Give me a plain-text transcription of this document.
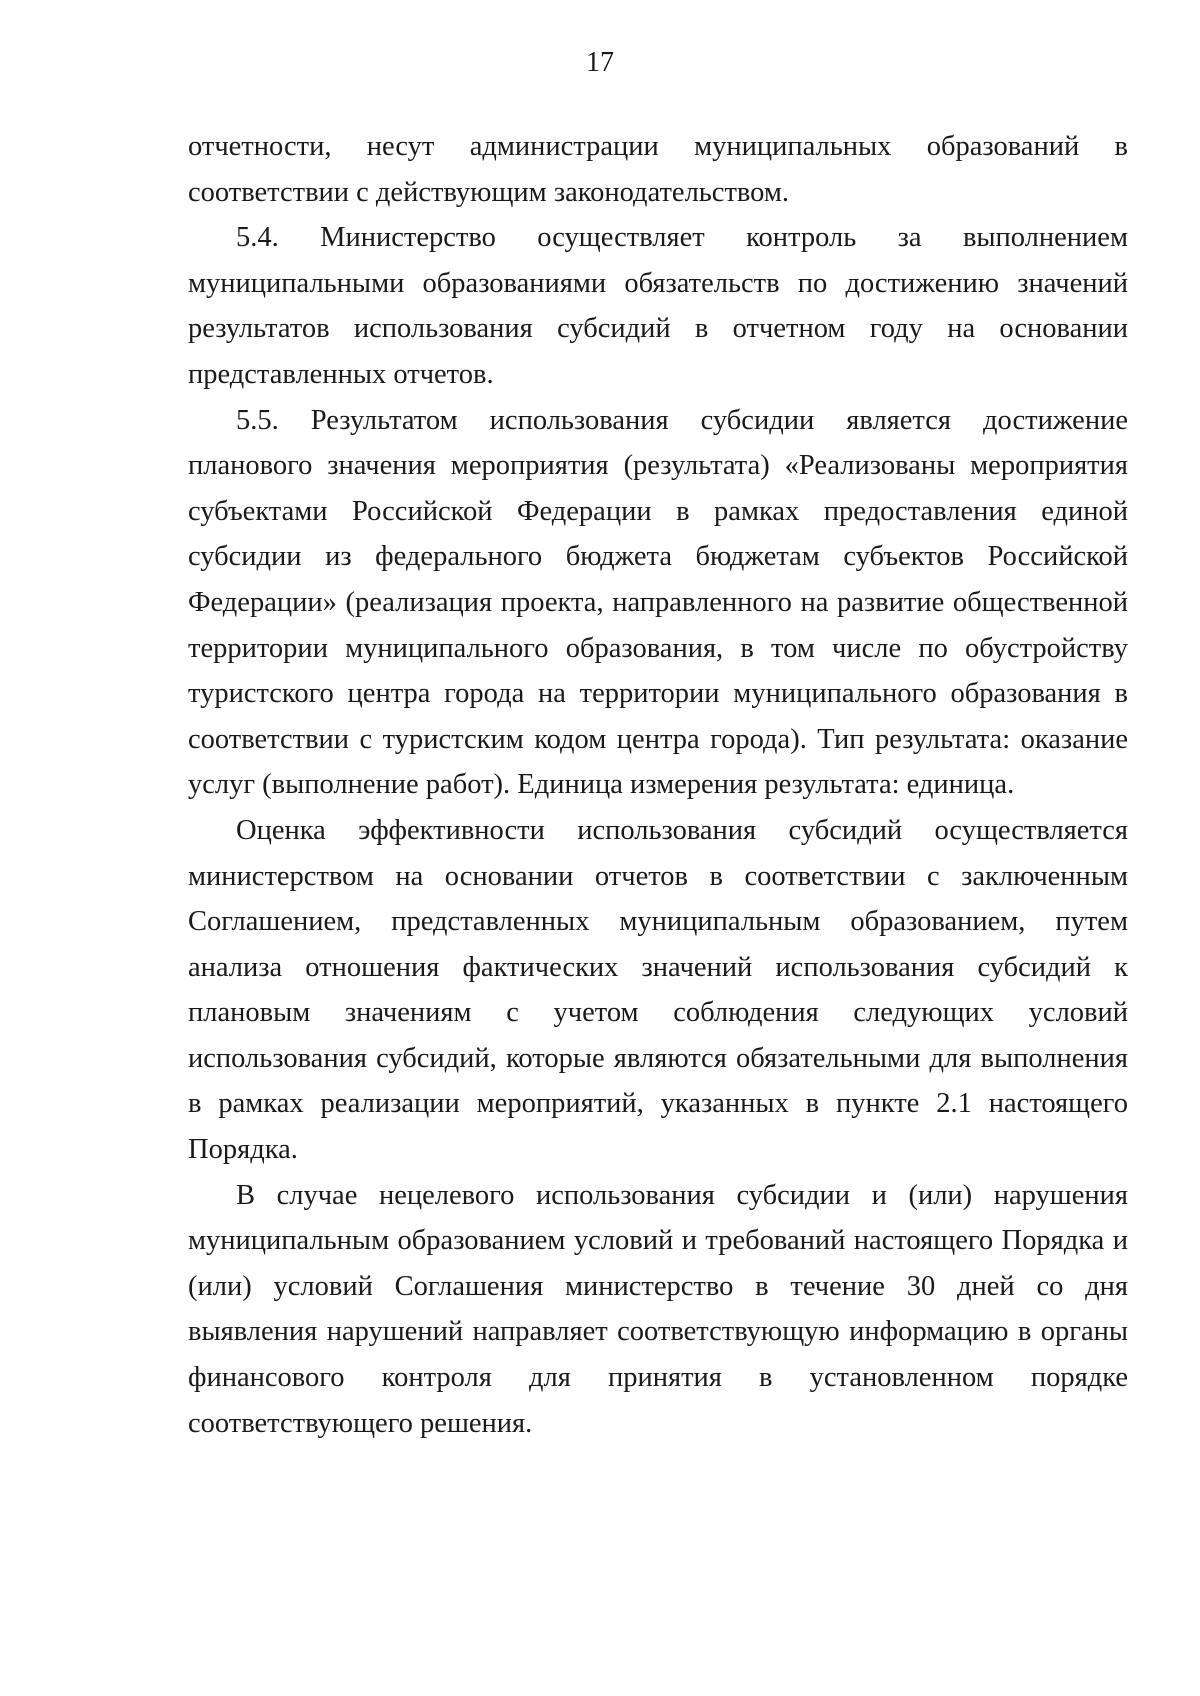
17

отчетности, несут администрации муниципальных образований в соответствии с действующим законодательством.

5.4. Министерство осуществляет контроль за выполнением муниципальными образованиями обязательств по достижению значений результатов использования субсидий в отчетном году на основании представленных отчетов.

5.5. Результатом использования субсидии является достижение планового значения мероприятия (результата) «Реализованы мероприятия субъектами Российской Федерации в рамках предоставления единой субсидии из федерального бюджета бюджетам субъектов Российской Федерации» (реализация проекта, направленного на развитие общественной территории муниципального образования, в том числе по обустройству туристского центра города на территории муниципального образования в соответствии с туристским кодом центра города). Тип результата: оказание услуг (выполнение работ). Единица измерения результата: единица.

Оценка эффективности использования субсидий осуществляется министерством на основании отчетов в соответствии с заключенным Соглашением, представленных муниципальным образованием, путем анализа отношения фактических значений использования субсидий к плановым значениям с учетом соблюдения следующих условий использования субсидий, которые являются обязательными для выполнения в рамках реализации мероприятий, указанных в пункте 2.1 настоящего Порядка.

В случае нецелевого использования субсидии и (или) нарушения муниципальным образованием условий и требований настоящего Порядка и (или) условий Соглашения министерство в течение 30 дней со дня выявления нарушений направляет соответствующую информацию в органы финансового контроля для принятия в установленном порядке соответствующего решения.
